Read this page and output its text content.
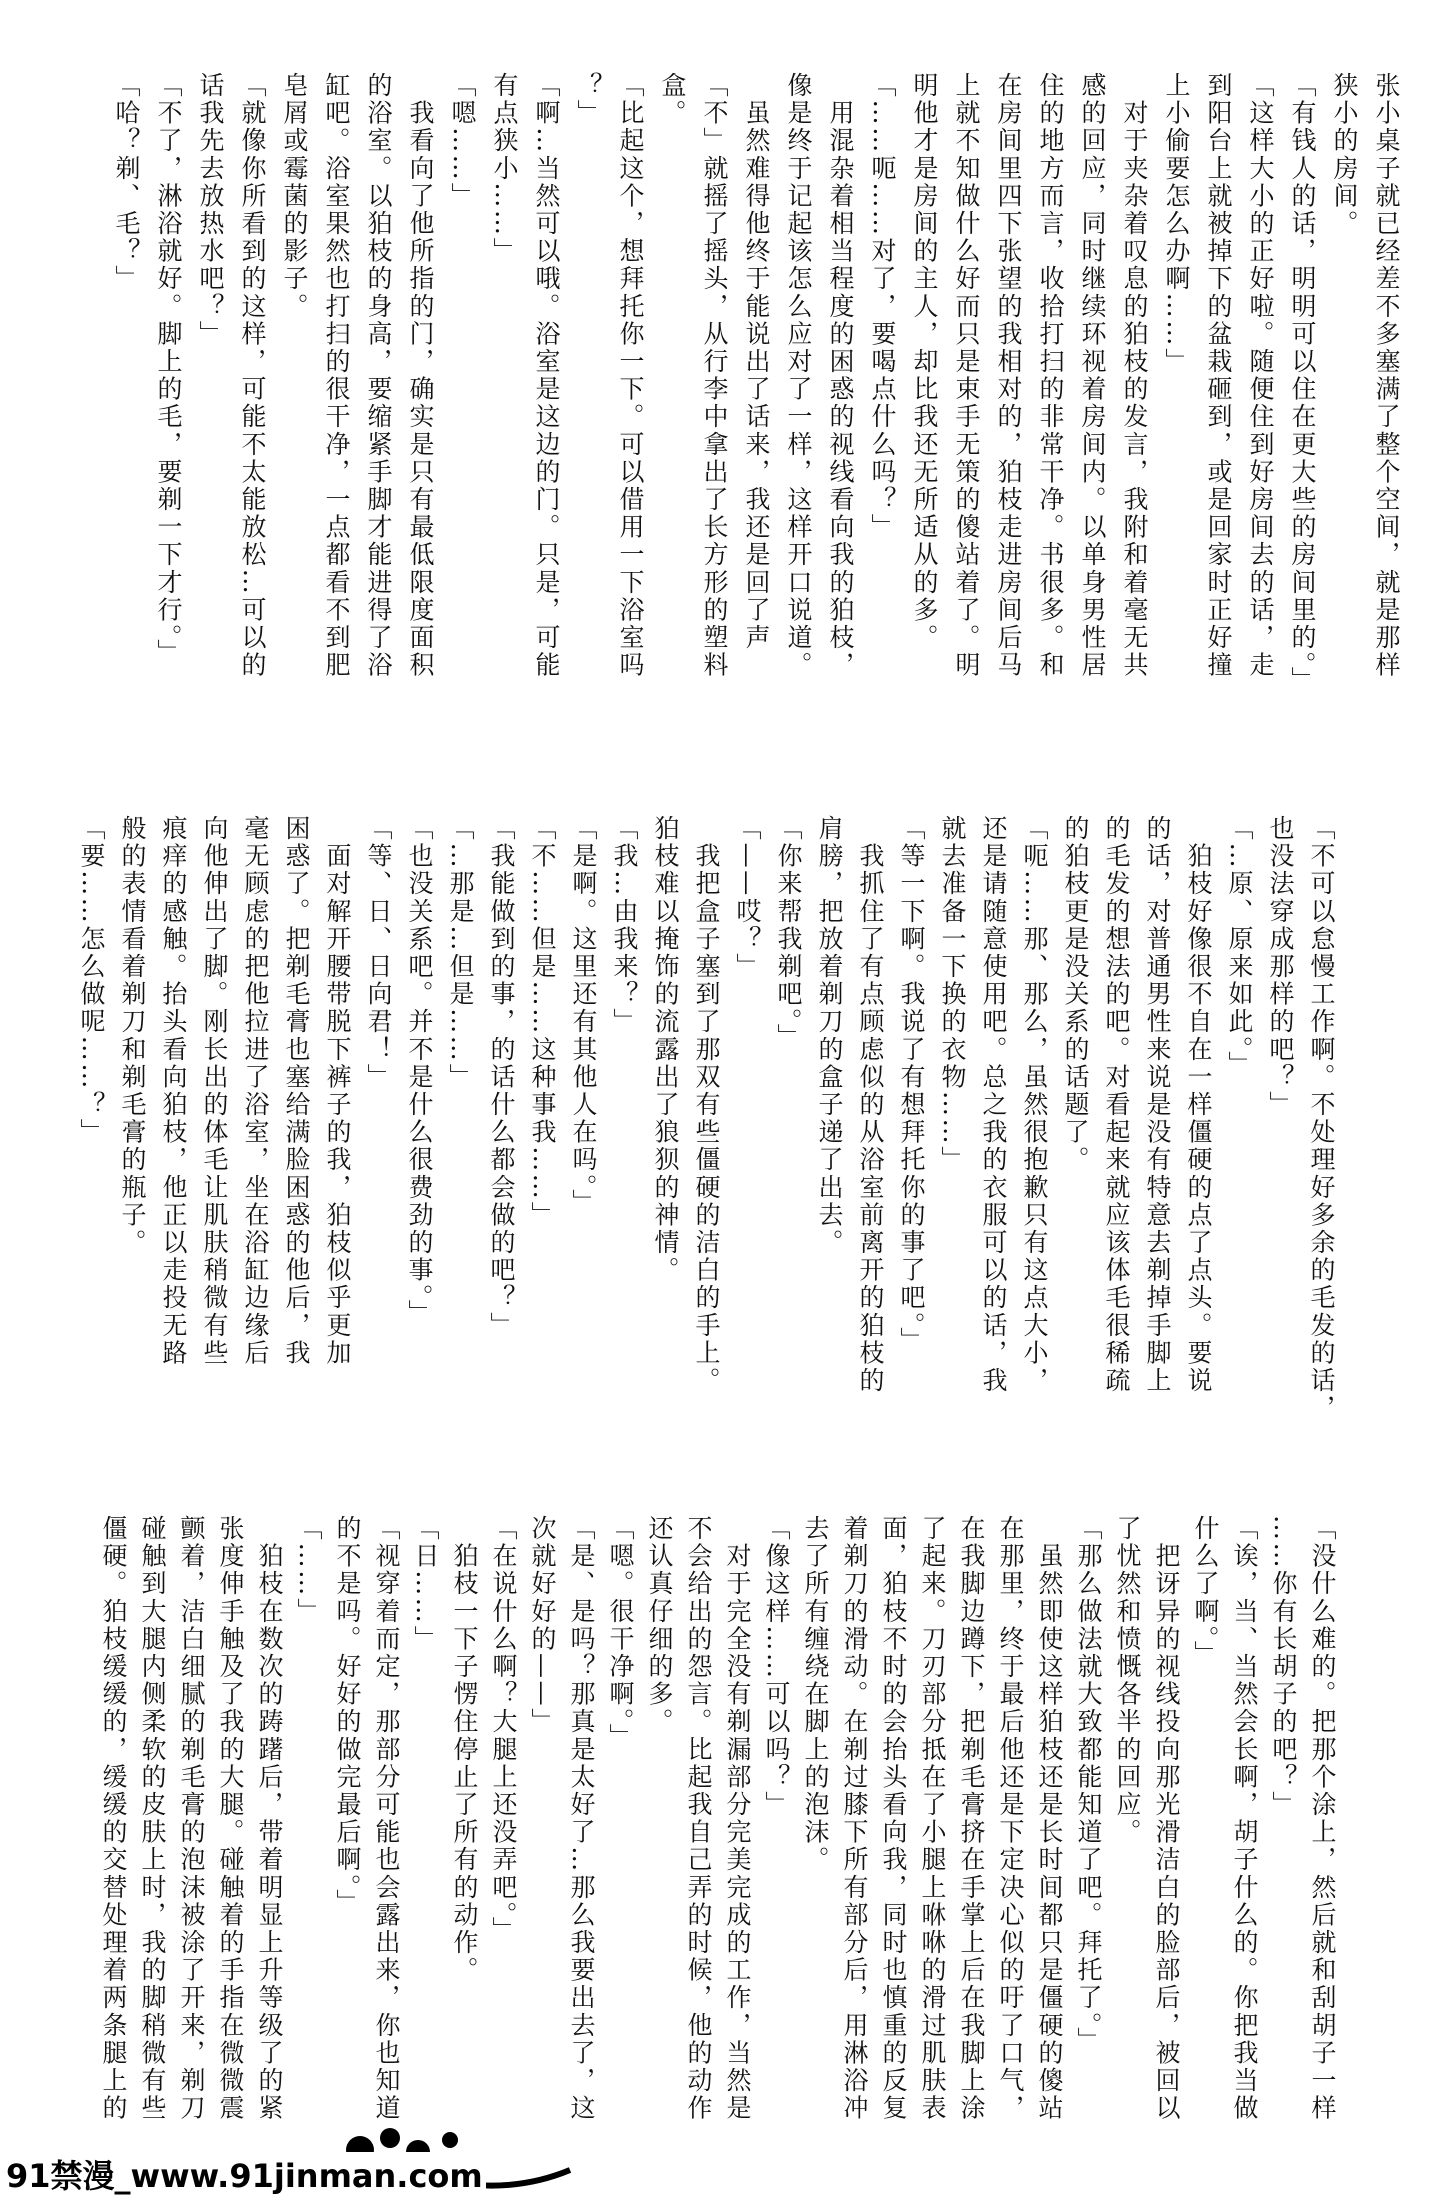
张小桌子就已经差不多塞满了整个空间，就是那样
狭小的房间。
「有钱人的话，明明可以住在更大些的房间里的。」
「这样大小的正好啦。随便住到好房间去的话，走
到阳台上就被掉下的盆栽砸到，或是回家时正好撞
上小偷要怎么办啊……」
　对于夹杂着叹息的狛枝的发言，我附和着毫无共
感的回应，同时继续环视着房间内。以单身男性居
住的地方而言，收拾打扫的非常干净。书很多。和
在房间里四下张望的我相对的，狛枝走进房间后马
上就不知做什么好而只是束手无策的傻站着了。明
明他才是房间的主人，却比我还无所适从的多。
「……呃……对了，要喝点什么吗？」
　用混杂着相当程度的困惑的视线看向我的狛枝，
像是终于记起该怎么应对了一样，这样开口说道。
　虽然难得他终于能说出了话来，我还是回了声
「不」就摇了摇头，从行李中拿出了长方形的塑料
盒。
「比起这个，想拜托你一下。可以借用一下浴室吗
？」
「啊…当然可以哦。浴室是这边的门。只是，可能
有点狭小……」
「嗯……」
　我看向了他所指的门，确实是只有最低限度面积
的浴室。以狛枝的身高，要缩紧手脚才能进得了浴
缸吧。浴室果然也打扫的很干净，一点都看不到肥
皂屑或霉菌的影子。
「就像你所看到的这样，可能不太能放松…可以的
话我先去放热水吧？」
「不了，淋浴就好。脚上的毛，要剃一下才行。」
「哈？剃、毛？」
「不可以怠慢工作啊。不处理好多余的毛发的话，
也没法穿成那样的吧？」
「…原、原来如此。」
　狛枝好像很不自在一样僵硬的点了点头。要说
的话，对普通男性来说是没有特意去剃掉手脚上
的毛发的想法的吧。对看起来就应该体毛很稀疏
的狛枝更是没关系的话题了。
「呃……那、那么，虽然很抱歉只有这点大小，
还是请随意使用吧。总之我的衣服可以的话，我
就去准备一下换的衣物……」
「等一下啊。我说了有想拜托你的事了吧。」
　我抓住了有点顾虑似的从浴室前离开的狛枝的
肩膀，把放着剃刀的盒子递了出去。
「你来帮我剃吧。」
「——哎？」
　我把盒子塞到了那双有些僵硬的洁白的手上。
狛枝难以掩饰的流露出了狼狈的神情。
「我…由我来？」
「是啊。这里还有其他人在吗。」
「不……但是……这种事我……」
「我能做到的事，的话什么都会做的吧？」
「…那是…但是……」
「也没关系吧。并不是什么很费劲的事。」
「等、日、日向君！」
　面对解开腰带脱下裤子的我，狛枝似乎更加
困惑了。把剃毛膏也塞给满脸困惑的他后，我
毫无顾虑的把他拉进了浴室，坐在浴缸边缘后
向他伸出了脚。刚长出的体毛让肌肤稍微有些
痕痒的感触。抬头看向狛枝，他正以走投无路
般的表情看着剃刀和剃毛膏的瓶子。
「要……怎么做呢……？」
「没什么难的。把那个涂上，然后就和刮胡子一样
……你有长胡子的吧？」
「诶，当、当然会长啊，胡子什么的。你把我当做
什么了啊。」
　把讶异的视线投向那光滑洁白的脸部后，被回以
了忧然和愤慨各半的回应。
「那么做法就大致都能知道了吧。拜托了。」
　虽然即使这样狛枝还是长时间都只是僵硬的傻站
在那里，终于最后他还是下定决心似的吁了口气，
在我脚边蹲下，把剃毛膏挤在手掌上后在我脚上涂
了起来。刀刃部分抵在了小腿上咻咻的滑过肌肤表
面，狛枝不时的会抬头看向我，同时也慎重的反复
着剃刀的滑动。在剃过膝下所有部分后，用淋浴冲
去了所有缠绕在脚上的泡沫。
「像这样……可以吗？」
　对于完全没有剃漏部分完美完成的工作，当然是
不会给出的怨言。比起我自己弄的时候，他的动作
还认真仔细的多。
「嗯。很干净啊。」
「是、是吗？那真是太好了…那么我要出去了，这
次就好好的——」
「在说什么啊？大腿上还没弄吧。」
　狛枝一下子愣住停止了所有的动作。
「日……」
「视穿着而定，那部分可能也会露出来，你也知道
的不是吗。好好的做完最后啊。」
「……」
　狛枝在数次的踌躇后，带着明显上升等级了的紧
张度伸手触及了我的大腿。碰触着的手指在微微震
颤着，洁白细腻的剃毛膏的泡沫被涂了开来，剃刀
碰触到大腿内侧柔软的皮肤上时，我的脚稍微有些
僵硬。狛枝缓缓的，缓缓的交替处理着两条腿上的
91禁漫_www.91jinman.com
